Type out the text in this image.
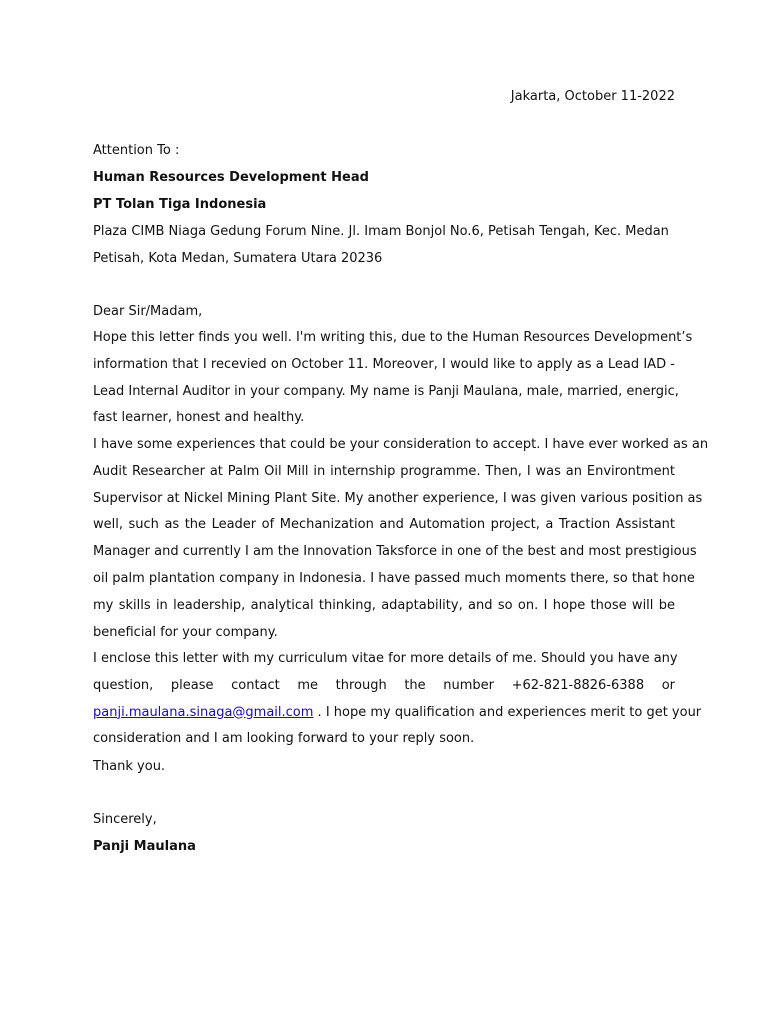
Jakarta, October 11-2022
Attention To :
Human Resources Development Head
PT Tolan Tiga Indonesia
Plaza CIMB Niaga Gedung Forum Nine. Jl. Imam Bonjol No.6, Petisah Tengah, Kec. Medan
Petisah, Kota Medan, Sumatera Utara 20236
Dear Sir/Madam,
Hope this letter finds you well. I'm writing this, due to the Human Resources Development’s
information that I recevied on October 11. Moreover, I would like to apply as a Lead IAD -
Lead Internal Auditor in your company. My name is Panji Maulana, male, married, energic,
fast learner, honest and healthy.
I have some experiences that could be your consideration to accept. I have ever worked as an
Audit Researcher at Palm Oil Mill in internship programme. Then, I was an Environtment
Supervisor at Nickel Mining Plant Site. My another experience, I was given various position as
well, such as the Leader of Mechanization and Automation project, a Traction Assistant
Manager and currently I am the Innovation Taksforce in one of the best and most prestigious
oil palm plantation company in Indonesia. I have passed much moments there, so that hone
my skills in leadership, analytical thinking, adaptability, and so on. I hope those will be
beneficial for your company.
I enclose this letter with my curriculum vitae for more details of me. Should you have any
question,   please   contact   me   through   the   number   +62-821-8826-6388   or
panji.maulana.sinaga@gmail.com . I hope my qualification and experiences merit to get your
consideration and I am looking forward to your reply soon.
Thank you.
Sincerely,
Panji Maulana
